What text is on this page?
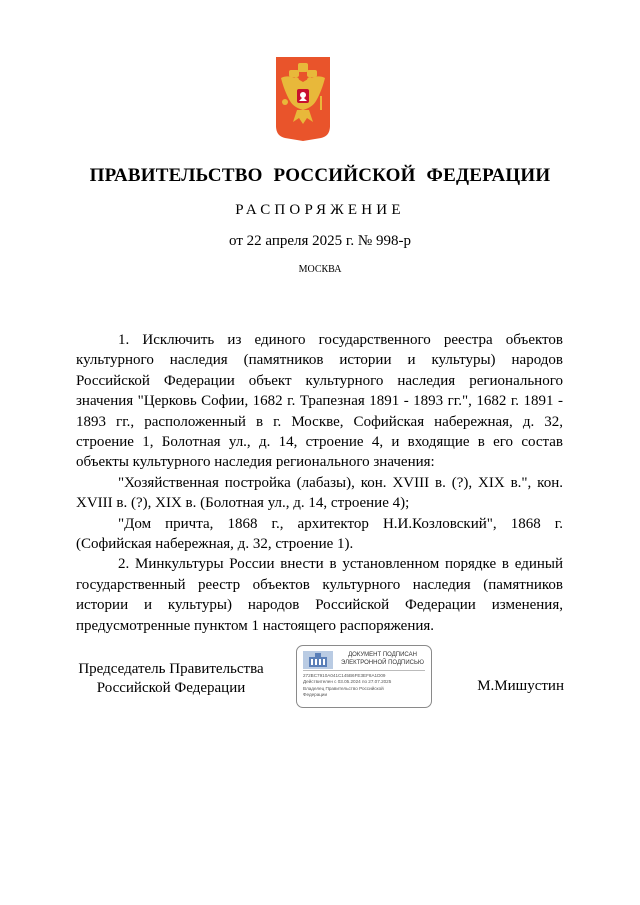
ПРАВИТЕЛЬСТВО РОССИЙСКОЙ ФЕДЕРАЦИИ
РАСПОРЯЖЕНИЕ
от 22 апреля 2025 г. № 998-р
МОСКВА

1. Исключить из единого государственного реестра объектов культурного наследия (памятников истории и культуры) народов Российской Федерации объект культурного наследия регионального значения "Церковь Софии, 1682 г. Трапезная 1891 - 1893 гг.", 1682 г. 1891 - 1893 гг., расположенный в г. Москве, Софийская набережная, д. 32, строение 1, Болотная ул., д. 14, строение 4, и входящие в его состав объекты культурного наследия регионального значения:

"Хозяйственная постройка (лабазы), кон. XVIII в. (?), XIX в.", кон. XVIII в. (?), XIX в. (Болотная ул., д. 14, строение 4);

"Дом причта, 1868 г., архитектор Н.И.Козловский", 1868 г. (Софийская набережная, д. 32, строение 1).

2. Минкультуры России внести в установленном порядке в единый государственный реестр объектов культурного наследия (памятников истории и культуры) народов Российской Федерации изменения, предусмотренные пунктом 1 настоящего распоряжения.

Председатель Правительства
Российской Федерации
ДОКУМЕНТ ПОДПИСАН
ЭЛЕКТРОННОЙ ПОДПИСЬЮ
272BC7910A041C145B6FE3EF8A1D09
Действителен с 03.05.2024 по 27.07.2025
Владелец Правительство Российской
Федерации
М.Мишустин
